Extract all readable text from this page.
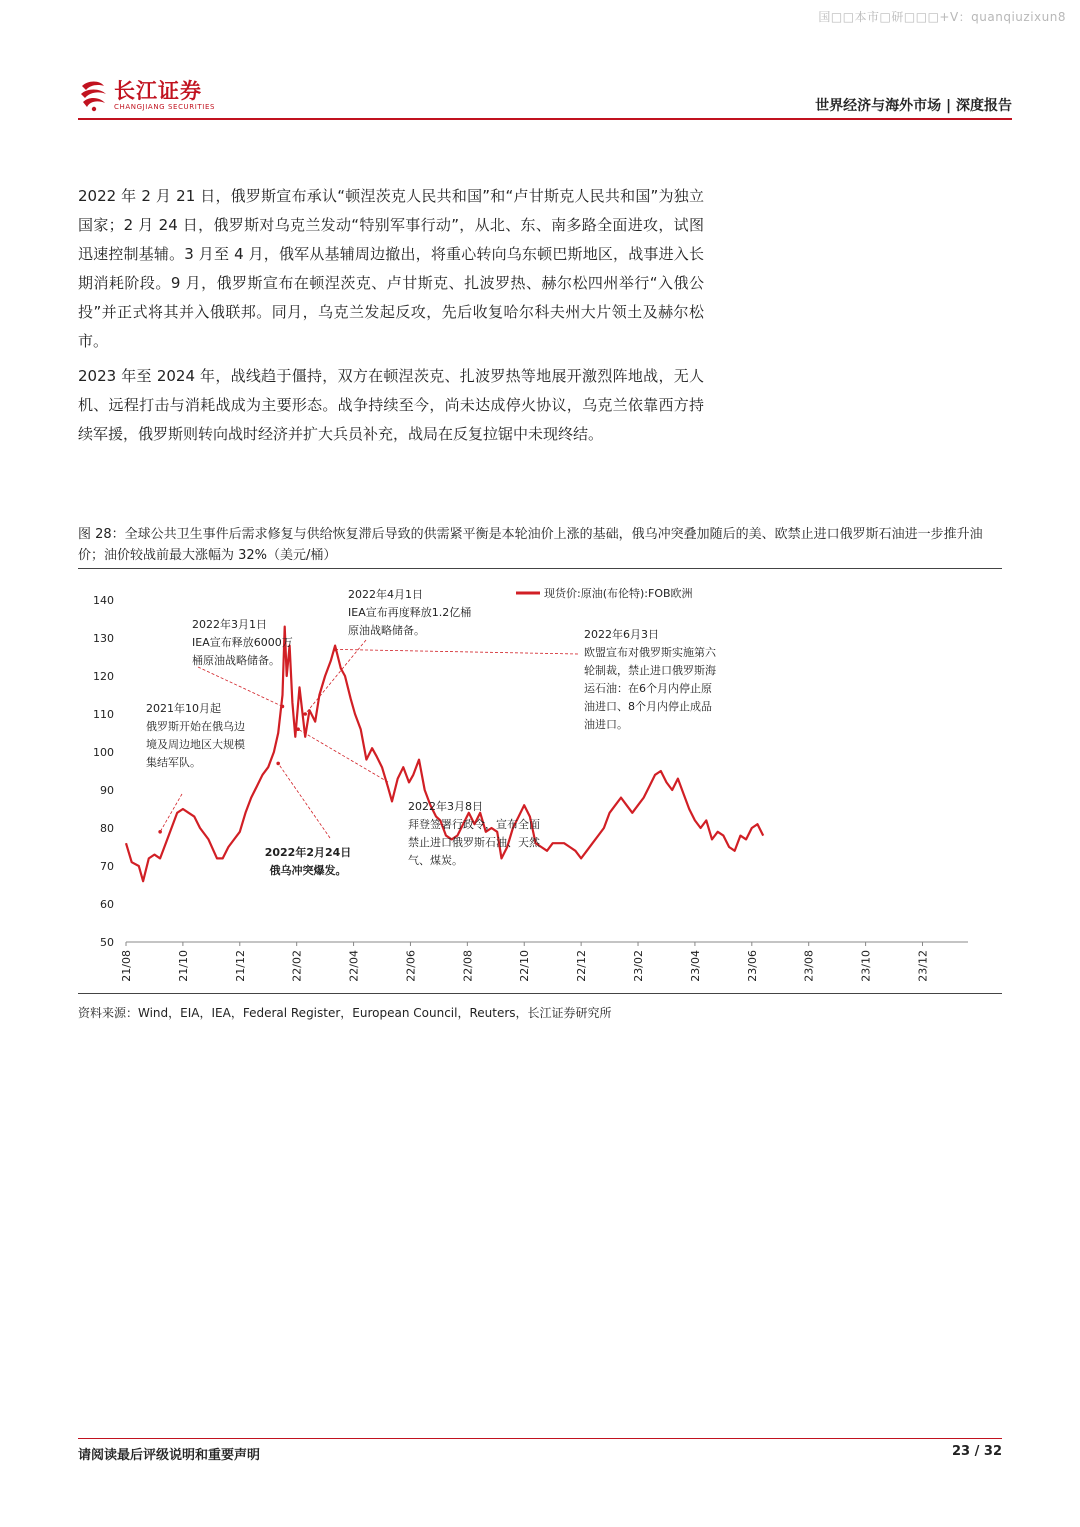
国□□本市□研□□□+V：quanqiuzixun8
长江证券
CHANGJIANG SECURITIES	世界经济与海外市场 | 深度报告
2022 年 2 月 21 日，俄罗斯宣布承认“顿涅茨克人民共和国”和“卢甘斯克人民共和国”为独立国家；2 月 24 日，俄罗斯对乌克兰发动“特别军事行动”，从北、东、南多路全面进攻，试图迅速控制基辅。3 月至 4 月，俄军从基辅周边撤出，将重心转向乌东顿巴斯地区，战事进入长期消耗阶段。9 月，俄罗斯宣布在顿涅茨克、卢甘斯克、扎波罗热、赫尔松四州举行“入俄公投”并正式将其并入俄联邦。同月，乌克兰发起反攻，先后收复哈尔科夫州大片领土及赫尔松市。
2023 年至 2024 年，战线趋于僵持，双方在顿涅茨克、扎波罗热等地展开激烈阵地战，无人机、远程打击与消耗战成为主要形态。战争持续至今，尚未达成停火协议，乌克兰依靠西方持续军援，俄罗斯则转向战时经济并扩大兵员补充，战局在反复拉锯中未现终结。
图 28：全球公共卫生事件后需求修复与供给恢复滞后导致的供需紧平衡是本轮油价上涨的基础，俄乌冲突叠加随后的美、欧禁止进口俄罗斯石油进一步推升油价；油价较战前最大涨幅为 32%（美元/桶）
50
60
70
80
90
100
110
120
130
140
21/08	21/10	21/12	22/02	22/04	22/06	22/08	22/10	22/12	23/02	23/04	23/06	23/08	23/10	23/12
现货价:原油(布伦特):FOB欧洲
2021年10月起
俄罗斯开始在俄乌边
境及周边地区大规模
集结军队。
2022年2月24日
俄乌冲突爆发。
2022年3月1日
IEA宣布释放6000万
桶原油战略储备。
2022年3月8日
拜登签署行政令，宣布全面
禁止进口俄罗斯石油、天然
气、煤炭。
2022年4月1日
IEA宣布再度释放1.2亿桶
原油战略储备。	2022年6月3日
欧盟宣布对俄罗斯实施第六
轮制裁，禁止进口俄罗斯海
运石油：在6个月内停止原
油进口、8个月内停止成品
油进口。
资料来源：Wind，EIA，IEA，Federal Register，European Council，Reuters，长江证券研究所
请阅读最后评级说明和重要声明	23 / 32
